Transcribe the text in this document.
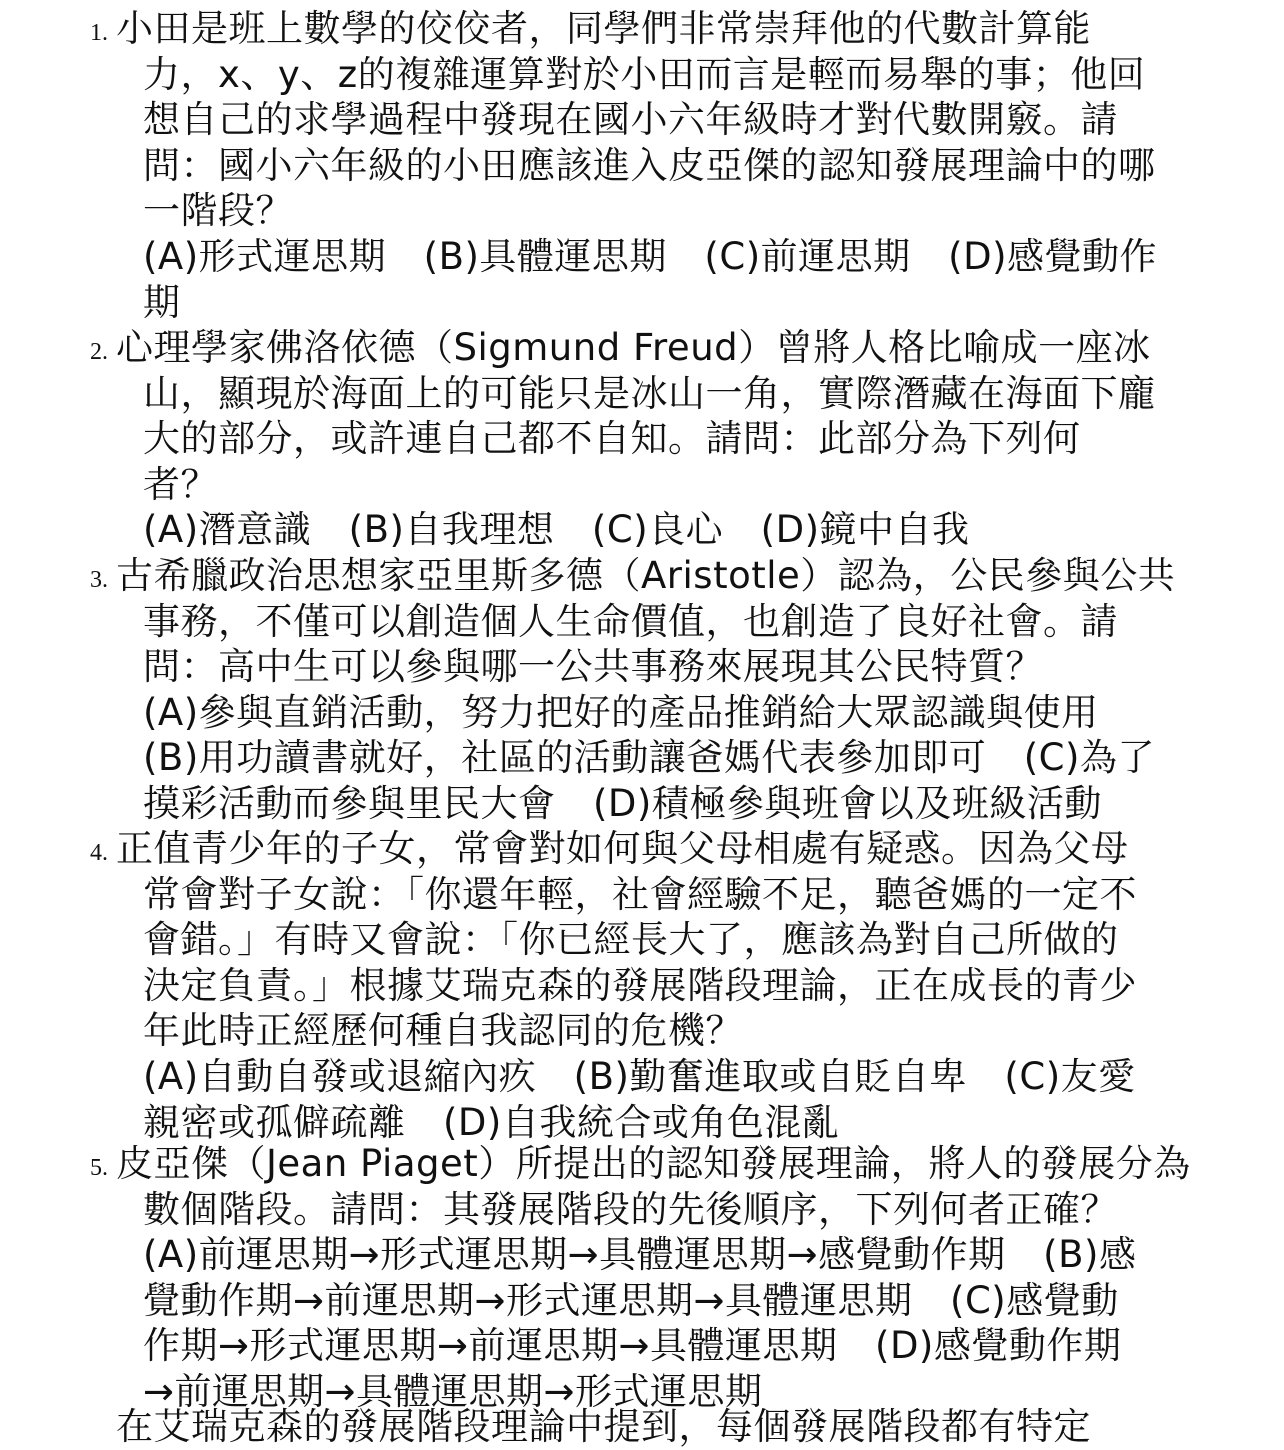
1. 小田是班上數學的佼佼者，同學們非常崇拜他的代數計算能
力，x、y、z的複雜運算對於小田而言是輕而易舉的事；他回
想自己的求學過程中發現在國小六年級時才對代數開竅。請
問：國小六年級的小田應該進入皮亞傑的認知發展理論中的哪
一階段？
(A)形式運思期　(B)具體運思期　(C)前運思期　(D)感覺動作
期
2. 心理學家佛洛依德（Sigmund Freud）曾將人格比喻成一座冰
山，顯現於海面上的可能只是冰山一角，實際潛藏在海面下龐
大的部分，或許連自己都不自知。請問：此部分為下列何
者？
(A)潛意識　(B)自我理想　(C)良心　(D)鏡中自我
3. 古希臘政治思想家亞里斯多德（Aristotle）認為，公民參與公共
事務，不僅可以創造個人生命價值，也創造了良好社會。請
問：高中生可以參與哪一公共事務來展現其公民特質？
(A)參與直銷活動，努力把好的產品推銷給大眾認識與使用
(B)用功讀書就好，社區的活動讓爸媽代表參加即可　(C)為了
摸彩活動而參與里民大會　(D)積極參與班會以及班級活動
4. 正值青少年的子女，常會對如何與父母相處有疑惑。因為父母
常會對子女說：「你還年輕，社會經驗不足，聽爸媽的一定不
會錯。」有時又會說：「你已經長大了，應該為對自己所做的
決定負責。」根據艾瑞克森的發展階段理論，正在成長的青少
年此時正經歷何種自我認同的危機？
(A)自動自發或退縮內疚　(B)勤奮進取或自貶自卑　(C)友愛
親密或孤僻疏離　(D)自我統合或角色混亂
5. 皮亞傑（Jean Piaget）所提出的認知發展理論，將人的發展分為
數個階段。請問：其發展階段的先後順序，下列何者正確？
(A)前運思期→形式運思期→具體運思期→感覺動作期　(B)感
覺動作期→前運思期→形式運思期→具體運思期　(C)感覺動
作期→形式運思期→前運思期→具體運思期　(D)感覺動作期
→前運思期→具體運思期→形式運思期
在艾瑞克森的發展階段理論中提到，每個發展階段都有特定
